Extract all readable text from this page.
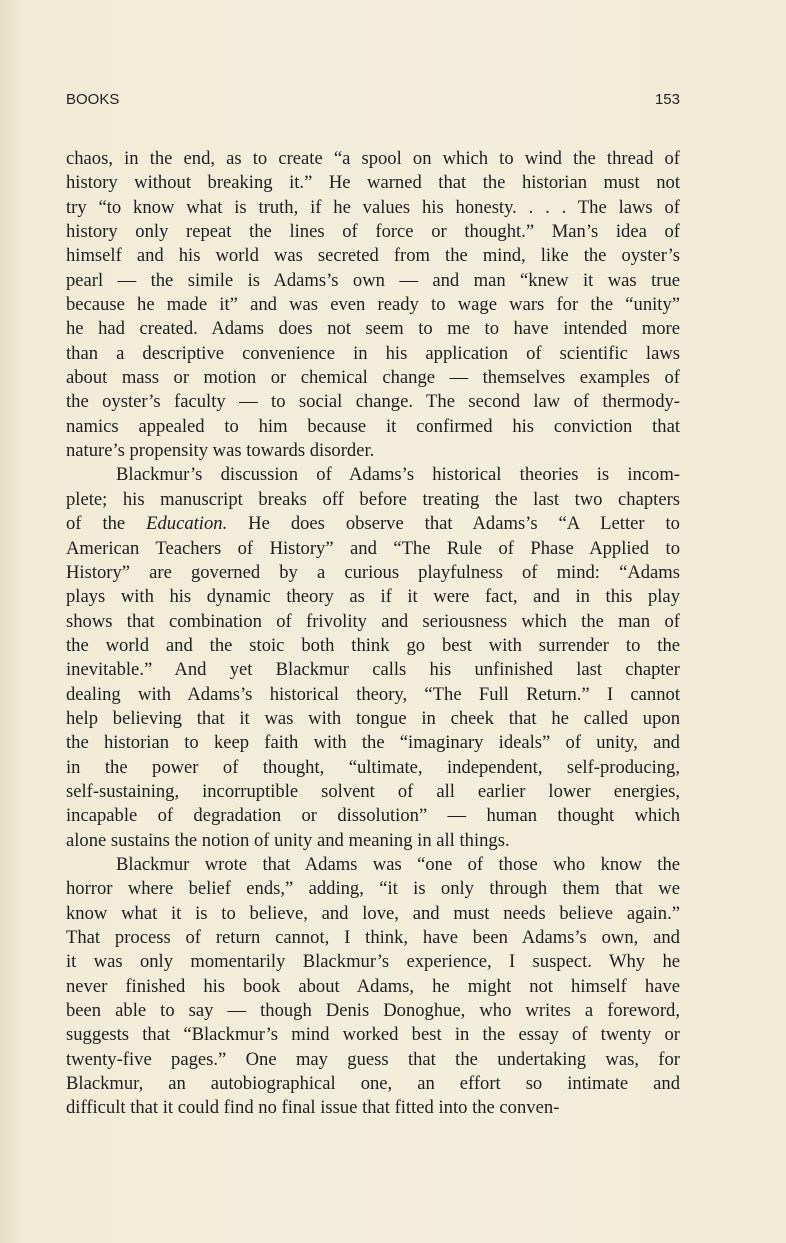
BOOKS	153
chaos, in the end, as to create “a spool on which to wind the thread of
history without breaking it.” He warned that the historian must not
try “to know what is truth, if he values his honesty. . . . The laws of
history only repeat the lines of force or thought.” Man’s idea of
himself and his world was secreted from the mind, like the oyster’s
pearl — the simile is Adams’s own — and man “knew it was true
because he made it” and was even ready to wage wars for the “unity”
he had created. Adams does not seem to me to have intended more
than a descriptive convenience in his application of scientific laws
about mass or motion or chemical change — themselves examples of
the oyster’s faculty — to social change. The second law of thermody-
namics appealed to him because it confirmed his conviction that
nature’s propensity was towards disorder.
Blackmur’s discussion of Adams’s historical theories is incom-
plete; his manuscript breaks off before treating the last two chapters
of the Education. He does observe that Adams’s “A Letter to
American Teachers of History” and “The Rule of Phase Applied to
History” are governed by a curious playfulness of mind: “Adams
plays with his dynamic theory as if it were fact, and in this play
shows that combination of frivolity and seriousness which the man of
the world and the stoic both think go best with surrender to the
inevitable.” And yet Blackmur calls his unfinished last chapter
dealing with Adams’s historical theory, “The Full Return.” I cannot
help believing that it was with tongue in cheek that he called upon
the historian to keep faith with the “imaginary ideals” of unity, and
in the power of thought, “ultimate, independent, self-producing,
self-sustaining, incorruptible solvent of all earlier lower energies,
incapable of degradation or dissolution” — human thought which
alone sustains the notion of unity and meaning in all things.
Blackmur wrote that Adams was “one of those who know the
horror where belief ends,” adding, “it is only through them that we
know what it is to believe, and love, and must needs believe again.”
That process of return cannot, I think, have been Adams’s own, and
it was only momentarily Blackmur’s experience, I suspect. Why he
never finished his book about Adams, he might not himself have
been able to say — though Denis Donoghue, who writes a foreword,
suggests that “Blackmur’s mind worked best in the essay of twenty or
twenty-five pages.” One may guess that the undertaking was, for
Blackmur, an autobiographical one, an effort so intimate and
difficult that it could find no final issue that fitted into the conven-
